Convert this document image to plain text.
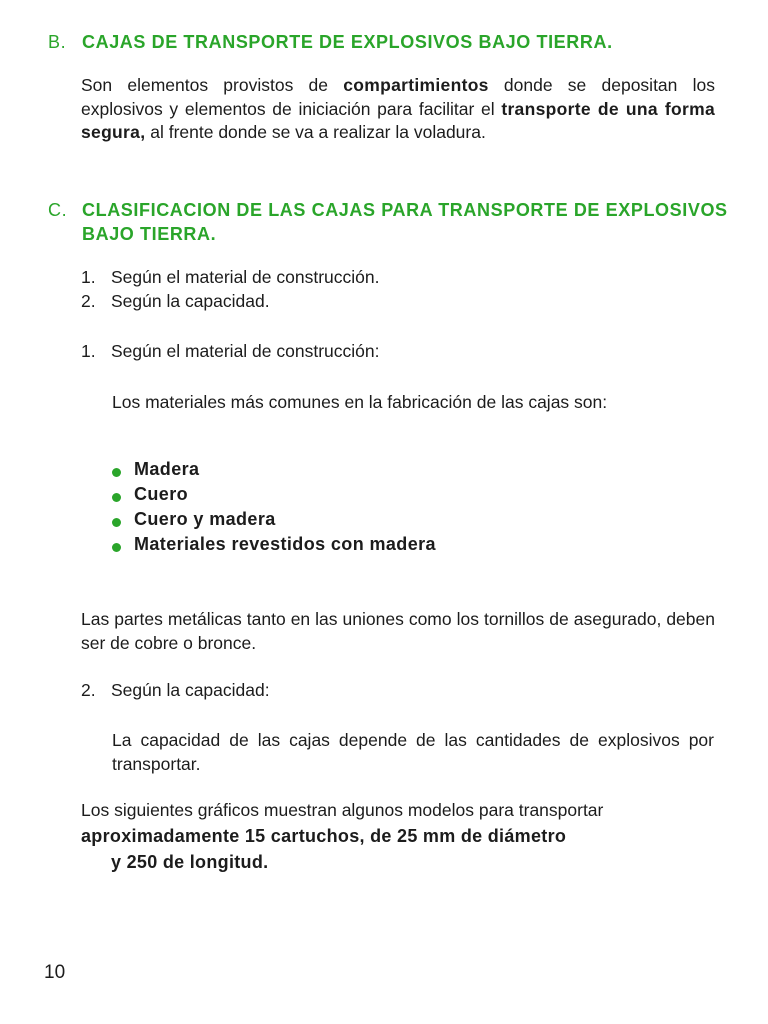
B. CAJAS DE TRANSPORTE DE EXPLOSIVOS BAJO TIERRA.
Son elementos provistos de compartimientos donde se depositan los explosivos y elementos de iniciación para facilitar el transporte de una forma segura, al frente donde se va a realizar la voladura.
C. CLASIFICACION DE LAS CAJAS PARA TRANSPORTE DE EXPLOSIVOS BAJO TIERRA.
1. Según el material de construcción.
2. Según la capacidad.
1. Según el material de construcción:
Los materiales más comunes en la fabricación de las cajas son:
Madera
Cuero
Cuero y madera
Materiales revestidos con madera
Las partes metálicas tanto en las uniones como los tornillos de asegurado, deben ser de cobre o bronce.
2. Según la capacidad:
La capacidad de las cajas depende de las cantidades de explosivos por transportar.
Los siguientes gráficos muestran algunos modelos para transportar aproximadamente 15 cartuchos, de 25 mm de diámetro
y 250 de longitud.
10
